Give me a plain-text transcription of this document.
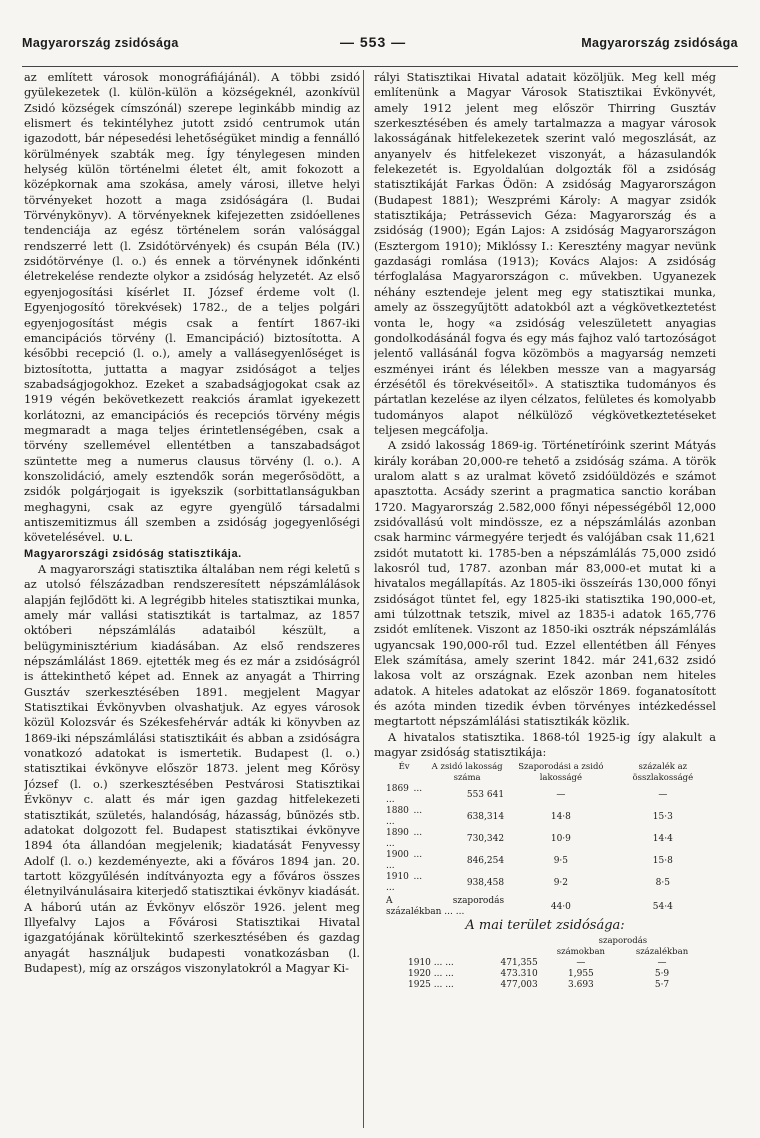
Magyarország zsidósága	— 553 —	Magyarország zsidósága

az említett városok monográfiájánál). A többi zsidó gyülekezetek (l. külön-külön a községeknél, azonkívül Zsidó községek címszónál) szerepe leginkább mindig az elismert és tekintélyhez jutott zsidó centrumok után igazodott, bár népesedési lehetőségüket mindig a fennálló körülmények szabták meg. Így ténylegesen minden helység külön történelmi életet élt, amit fokozott a középkornak ama szokása, amely városi, illetve helyi törvényeket hozott a maga zsidóságára (l. Budai Törvénykönyv). A törvényeknek kifejezetten zsidóellenes tendenciája az egész történelem során valósággal rendszerré lett (l. Zsidótörvények) és csupán Béla (IV.) zsidótörvénye (l. o.) és ennek a törvénynek időnkénti életrekelése rendezte olykor a zsidóság helyzetét. Az első egyenjogosítási kísérlet II. József érdeme volt (l. Egyenjogosító törekvések) 1782., de a teljes polgári egyenjogosítást mégis csak a fentírt 1867-iki emancipációs törvény (l. Emancipáció) biztosította. A későbbi recepció (l. o.), amely a vallásegyenlőséget is biztosította, juttatta a magyar zsidóságot a teljes szabadságjogokhoz. Ezeket a szabadságjogokat csak az 1919 végén bekövetkezett reakciós áramlat igyekezett korlátozni, az emancipációs és recepciós törvény mégis megmaradt a maga teljes érintetlenségében, csak a törvény szellemével ellentétben a tanszabadságot szüntette meg a numerus clausus törvény (l. o.). A konszolidáció, amely esztendők során megerősödött, a zsidók polgárjogait is igyekszik (sorbittatlanságukban meghagyni, csak az egyre gyengülő társadalmi antiszemitizmus áll szemben a zsidóság jogegyenlőségi követelésével. U. L.

Magyarországi zsidóság statisztikája.

A magyarországi statisztika általában nem régi keletű s az utolsó félszázadban rendszeresített népszámlálások alapján fejlődött ki. A legrégibb hiteles statisztikai munka, amely már vallási statisztikát is tartalmaz, az 1857 októberi népszámlálás adataiból készült, a belügyminisztérium kiadásában. Az első rendszeres népszámlálást 1869. ejtették meg és ez már a zsidóságról is áttekinthető képet ad. Ennek az anyagát a Thirring Gusztáv szerkesztésében 1891. megjelent Magyar Statisztikai Évkönyvben olvashatjuk. Az egyes városok közül Kolozsvár és Székesfehérvár adták ki könyvben az 1869-iki népszámlálási statisztikáit és abban a zsidóságra vonatkozó adatokat is ismertetik. Budapest (l. o.) statisztikai évkönyve először 1873. jelent meg Kőrösy József (l. o.) szerkesztésében Pestvárosi Statisztikai Évkönyv c. alatt és már igen gazdag hitfelekezeti statisztikát, születés, halandóság, házasság, bűnözés stb. adatokat dolgozott fel. Budapest statisztikai évkönyve 1894 óta állandóan megjelenik; kiadatását Fenyvessy Adolf (l. o.) kezdeményezte, aki a főváros 1894 jan. 20. tartott közgyűlésén indítványozta egy a főváros összes életnyilvánulásaira kiterjedő statisztikai évkönyv kiadását. A háború után az Évkönyv először 1926. jelent meg Illyefalvy Lajos a Fővárosi Statisztikai Hivatal igazgatójának körültekintő szerkesztésében és gazdag anyagát használjuk budapesti vonatkozásban (l. Budapest), míg az országos viszonylatokról a Magyar Ki-

rályi Statisztikai Hivatal adatait közöljük. Meg kell még említenünk a Magyar Városok Statisztikai Évkönyvét, amely 1912 jelent meg először Thirring Gusztáv szerkesztésében és amely tartalmazza a magyar városok lakosságának hitfelekezetek szerint való megoszlását, az anyanyelv és hitfelekezet viszonyát, a házasulandók felekezetét is. Egyoldalúan dolgozták föl a zsidóság statisztikáját Farkas Ödön: A zsidóság Magyarországon (Budapest 1881); Weszprémi Károly: A magyar zsidók statisztikája; Petrássevich Géza: Magyarország és a zsidóság (1900); Egán Lajos: A zsidóság Magyarországon (Esztergom 1910); Miklóssy I.: Keresztény magyar nevünk gazdasági romlása (1913); Kovács Alajos: A zsidóság térfoglalása Magyarországon c. művekben. Ugyanezek néhány esztendeje jelent meg egy statisztikai munka, amely az összegyűjtött adatokból azt a végkövetkeztetést vonta le, hogy «a zsidóság veleszületett anyagias gondolkodásánál fogva és egy más fajhoz való tartozóságot jelentő vallásánál fogva közömbös a magyarság nemzeti eszményei iránt és lélekben messze van a magyarság érzésétől és törekvéseitől». A statisztika tudományos és pártatlan kezelése az ilyen célzatos, felületes és komolyabb tudományos alapot nélkülöző végkövetkeztetéseket teljesen megcáfolja.

A zsidó lakosság 1869-ig. Történetíróink szerint Mátyás király korában 20,000-re tehető a zsidóság száma. A török uralom alatt s az uralmat követő zsidóüldözés e számot apasztotta. Acsády szerint a pragmatica sanctio korában 1720. Magyarország 2.582,000 főnyi népességéből 12,000 zsidóvallású volt mindössze, ez a népszámlálás azonban csak harminc vármegyére terjedt és valójában csak 11,621 zsidót mutatott ki. 1785-ben a népszámlálás 75,000 zsidó lakosról tud, 1787. azonban már 83,000-et mutat ki a hivatalos megállapítás. Az 1805-iki összeírás 130,000 főnyi zsidóságot tüntet fel, egy 1825-iki statisztika 190,000-et, ami túlzottnak tetszik, mivel az 1835-i adatok 165,776 zsidót említenek. Viszont az 1850-iki osztrák népszámlálás ugyancsak 190,000-ről tud. Ezzel ellentétben áll Fényes Elek számítása, amely szerint 1842. már 241,632 zsidó lakosa volt az országnak. Ezek azonban nem hiteles adatok. A hiteles adatokat az először 1869. foganatosított és azóta minden tizedik évben törvényes intézkedéssel megtartott népszámlálási statisztikák közlik.

A hivatalos statisztika. 1868-tól 1925-ig így alakult a magyar zsidóság statisztikája:

Év	A zsidó lakosság száma	Szaporodási a zsidó lakosságé	százalék az összlakosságé
1869 ... ...	553 641	—	—
1880 ... ...	638,314	14·8	15·3
1890 ... ...	730,342	10·9	14·4
1900 ... ...	846,254	9·5	15·8
1910 ... ...	938,458	9·2	8·5
A szaporodás százalékban ... ...		44·0	54·4

A mai terület zsidósága:

		szaporodás	
		számokban	százalékban
1910 ... ...	471,355	—	—
1920 ... ...	473.310	1,955	5·9
1925 ... ...	477,003	3.693	5·7
